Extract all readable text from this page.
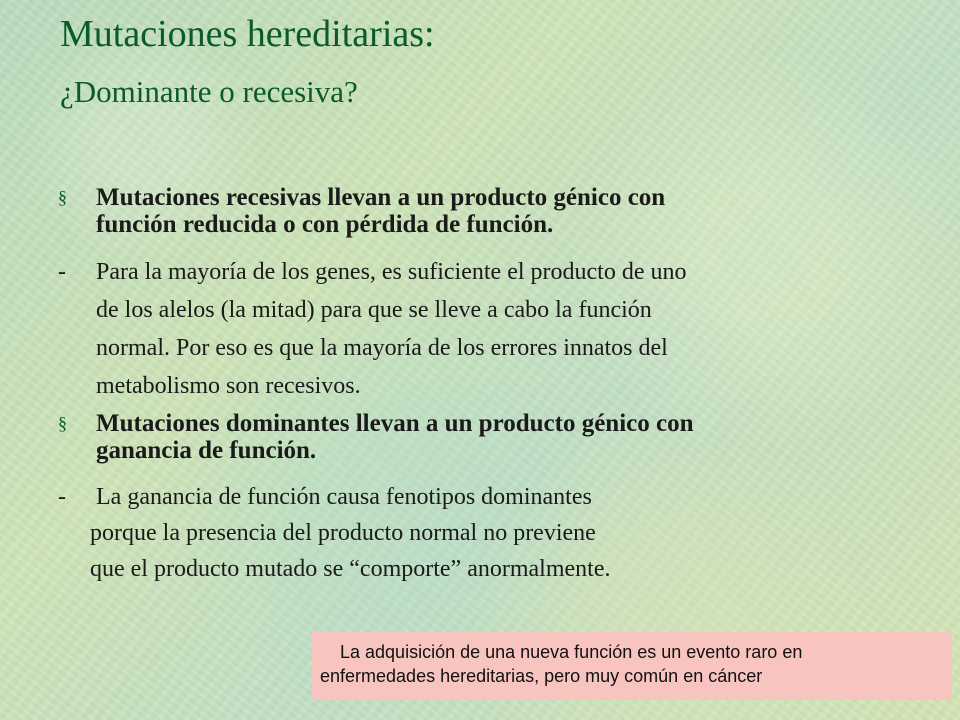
Mutaciones hereditarias:
¿Dominante o recesiva?
§ Mutaciones recesivas llevan a un producto génico con
función reducida o con pérdida de función.
- Para la mayoría de los genes, es suficiente el producto de uno
de los alelos (la mitad) para que se lleve a cabo la función
normal. Por eso es que la mayoría de los errores innatos del
metabolismo son recesivos.
§ Mutaciones dominantes llevan a un producto génico con
ganancia de función.
- La ganancia de función causa fenotipos dominantes
porque la presencia del producto normal no previene
que el producto mutado se “comporte” anormalmente.
La adquisición de una nueva función es un evento raro en
enfermedades hereditarias, pero muy común en cáncer
